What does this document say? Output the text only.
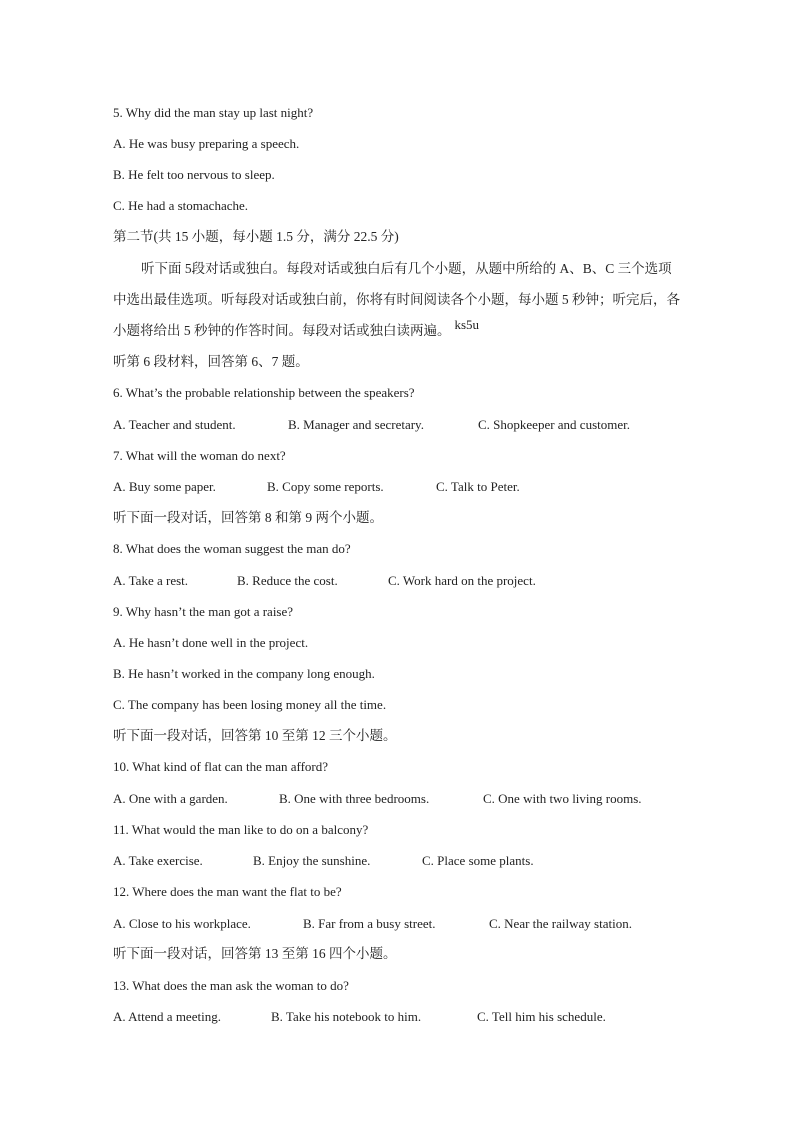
5. Why did the man stay up last night?
A. He was busy preparing a speech.
B. He felt too nervous to sleep.
C. He had a stomachache.
第二节(共 15 小题，每小题 1.5 分，满分 22.5 分)
听下面 5段对话或独白。每段对话或独白后有几个小题，从题中所给的 A、B、C 三个选项中选出最佳选项。听每段对话或独白前，你将有时间阅读各个小题，每小题 5 秒钟；听完后，各小题将给出 5 秒钟的作答时间。每段对话或独白读两遍。 ks5u
听第 6 段材料，回答第 6、7 题。
6. What’s the probable relationship between the speakers?
A. Teacher and student.	B. Manager and secretary.	C. Shopkeeper and customer.
7. What will the woman do next?
A. Buy some paper.	B. Copy some reports.	C. Talk to Peter.
听下面一段对话，回答第 8 和第 9 两个小题。
8. What does the woman suggest the man do?
A. Take a rest.	B. Reduce the cost.	C. Work hard on the project.
9. Why hasn’t the man got a raise?
A. He hasn’t done well in the project.
B. He hasn’t worked in the company long enough.
C. The company has been losing money all the time.
听下面一段对话，回答第 10 至第 12 三个小题。
10. What kind of flat can the man afford?
A. One with a garden.	B. One with three bedrooms.	C. One with two living rooms.
11. What would the man like to do on a balcony?
A. Take exercise.	B. Enjoy the sunshine.	C. Place some plants.
12. Where does the man want the flat to be?
A. Close to his workplace.	B. Far from a busy street.	C. Near the railway station.
听下面一段对话，回答第 13 至第 16 四个小题。
13. What does the man ask the woman to do?
A. Attend a meeting.	B. Take his notebook to him.	C. Tell him his schedule.
